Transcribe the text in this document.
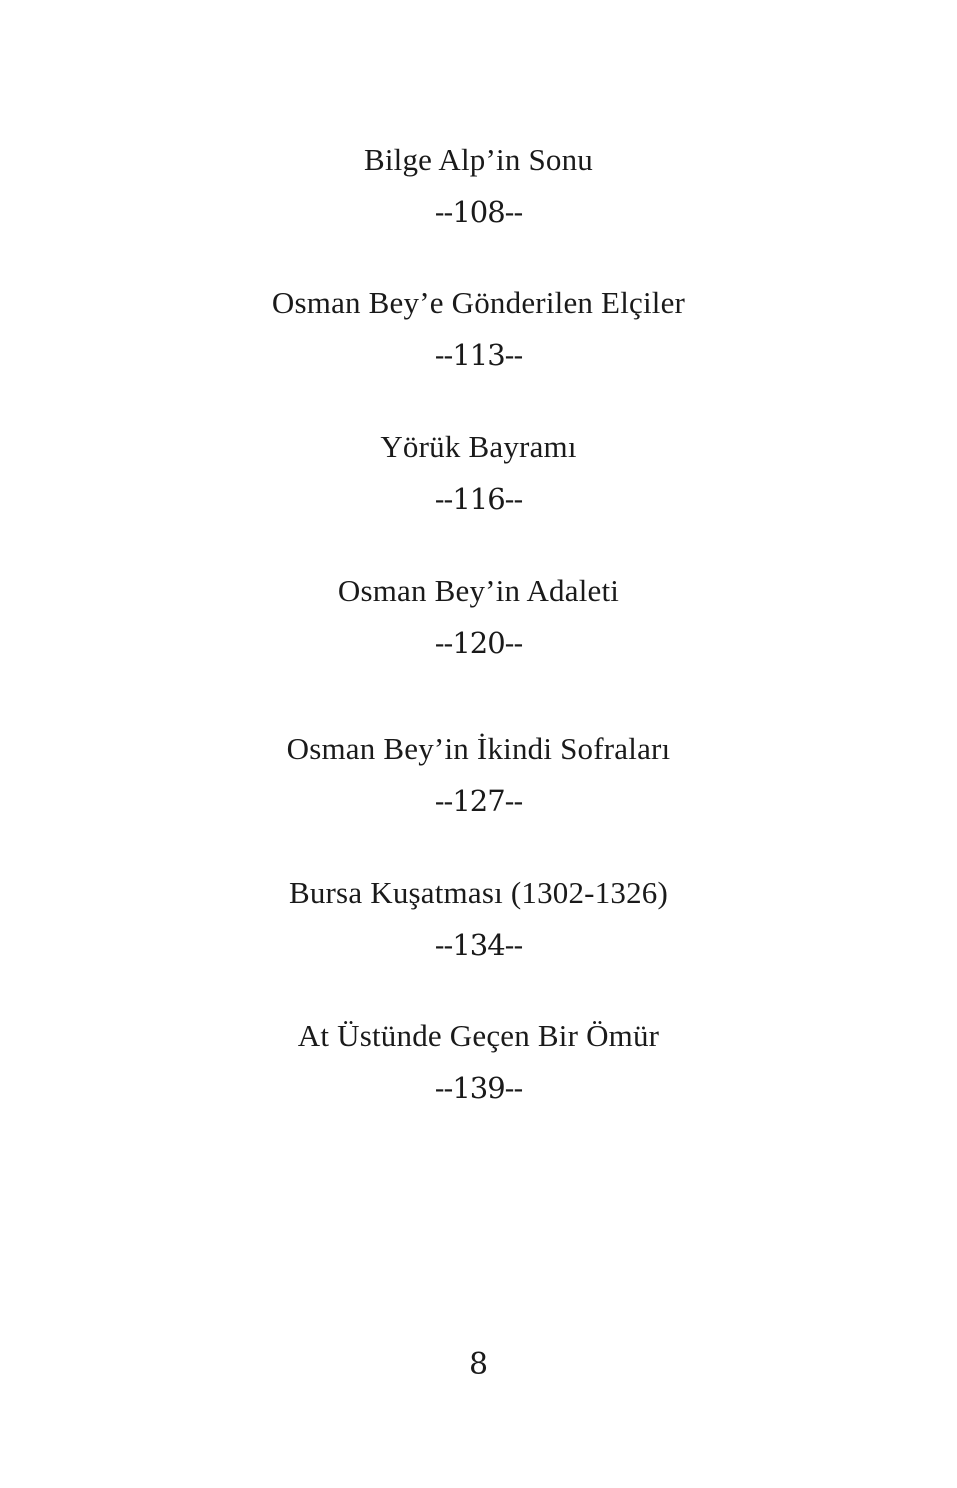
Bilge Alp’in Sonu
--108--
Osman Bey’e Gönderilen Elçiler
--113--
Yörük Bayramı
--116--
Osman Bey’in Adaleti
--120--
Osman Bey’in İkindi Sofraları
--127--
Bursa Kuşatması (1302-1326)
--134--
At Üstünde Geçen Bir Ömür
--139--
8
